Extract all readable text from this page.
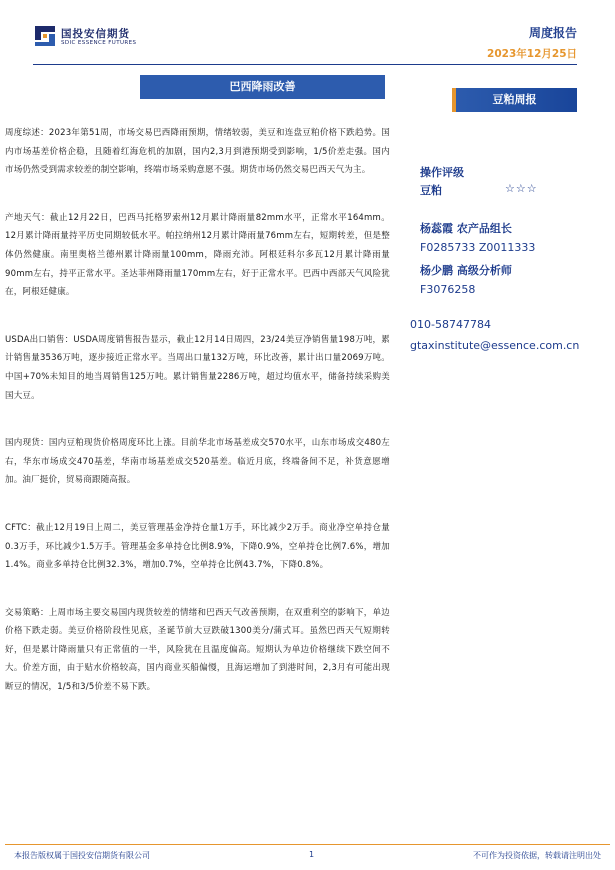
国投安信期货
SDIC ESSENCE FUTURES
周度报告
2023年12月25日
巴西降雨改善
豆粕周报

周度综述：2023年第51周，市场交易巴西降雨预期，情绪较弱，美豆和连盘豆粕价格下跌趋势。国内市场基差价格企稳，且随着红海危机的加剧，国内2,3月到港预期受到影响，1/5价差走强。国内市场仍然受到需求较差的制空影响，终端市场采购意愿不强。期货市场仍然交易巴西天气为主。

产地天气：截止12月22日，巴西马托格罗索州12月累计降雨量82mm水平，正常水平164mm。12月累计降雨量持平历史同期较低水平。帕拉纳州12月累计降雨量76mm左右，短期转差，但是整体仍然健康。南里奥格兰德州累计降雨量100mm，降雨充沛。阿根廷科尔多瓦12月累计降雨量90mm左右，持平正常水平。圣达菲州降雨量170mm左右，好于正常水平。巴西中西部天气风险犹在，阿根廷健康。

USDA出口销售：USDA周度销售报告显示，截止12月14日周四，23/24美豆净销售量198万吨，累计销售量3536万吨，逐步接近正常水平。当周出口量132万吨，环比改善，累计出口量2069万吨。中国+70%未知目的地当周销售125万吨。累计销售量2286万吨，超过均值水平，储备持续采购美国大豆。

国内现货：国内豆粕现货价格周度环比上涨。目前华北市场基差成交570水平，山东市场成交480左右，华东市场成交470基差，华南市场基差成交520基差。临近月底，终端备间不足，补货意愿增加。油厂挺价，贸易商跟随高报。

CFTC：截止12月19日上周二，美豆管理基金净持仓量1万手，环比减少2万手。商业净空单持仓量0.3万手，环比减少1.5万手。管理基金多单持仓比例8.9%，下降0.9%，空单持仓比例7.6%，增加1.4%。商业多单持仓比例32.3%，增加0.7%，空单持仓比例43.7%，下降0.8%。

交易策略：上周市场主要交易国内现货较差的情绪和巴西天气改善预期，在双重利空的影响下，单边价格下跌走弱。美豆价格阶段性见底，圣诞节前大豆跌破1300美分/蒲式耳。虽然巴西天气短期转好，但是累计降雨量只有正常值的一半，风险犹在且温度偏高。短期认为单边价格继续下跌空间不大。价差方面，由于贴水价格较高，国内商业买船偏慢，且海运增加了到港时间，2,3月有可能出现断豆的情况，1/5和3/5价差不易下跌。

操作评级
豆粕	☆☆☆
杨蕊霞 农产品组长
F0285733 Z0011333
杨少鹏 高级分析师
F3076258
010-58747784
gtaxinstitute@essence.com.cn
本报告版权属于国投安信期货有限公司	1	不可作为投资依据，转载请注明出处
